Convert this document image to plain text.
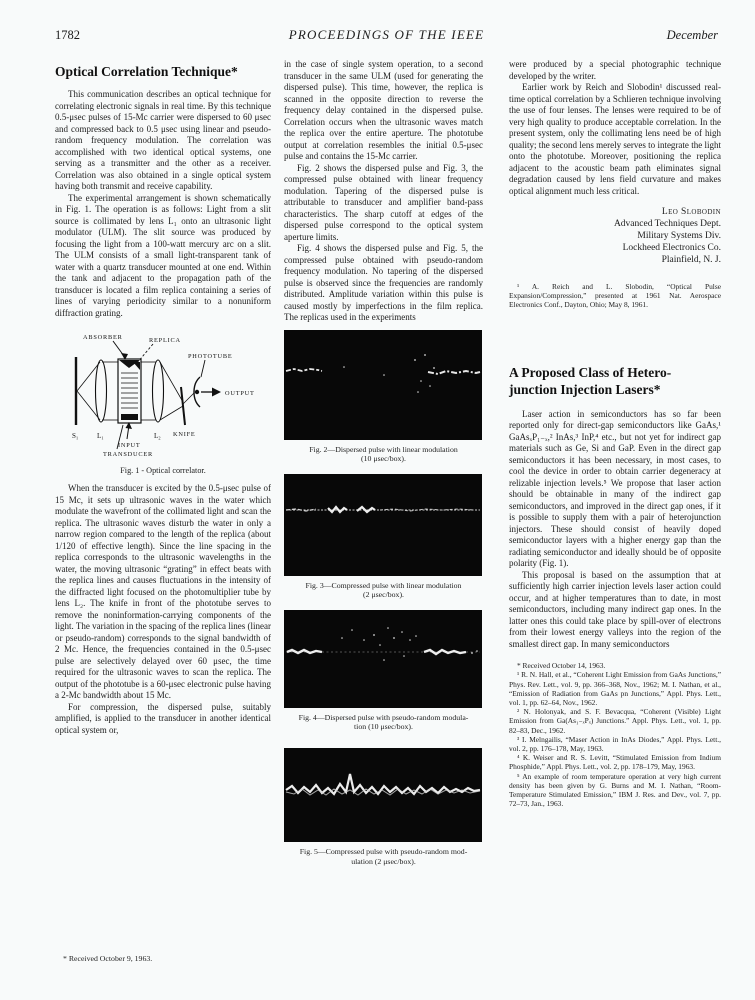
1782	PROCEEDINGS OF THE IEEE	December
Optical Correlation Technique*

This communication describes an optical technique for correlating electronic signals in real time. By this technique 0.5-μsec pulses of 15-Mc carrier were dispersed to 60 μsec and compressed back to 0.5 μsec using linear and pseudo-random frequency modulation. The correlation was accomplished with two identical optical systems, one serving as a transmitter and the other as a receiver. Correlation was also obtained in a single optical system having both transmit and receive capability.

The experimental arrangement is shown schematically in Fig. 1. The operation is as follows: Light from a slit source is collimated by lens L₁ onto an ultrasonic light modulator (ULM). The slit source was produced by focusing the light from a 100-watt mercury arc on a slit. The ULM consists of a small light-transparent tank of water with a quartz transducer mounted at one end. Within the tank and adjacent to the propagation path of the transducer is located a film replica containing a series of lines of varying periodicity similar to a nonuniform diffraction grating.

ABSORBER	REPLICA
PHOTOTUBE
OUTPUT
S₁	L₁	L₂ KNIFE
INPUT
TRANSDUCER
Fig. 1 - Optical correlator.

When the transducer is excited by the 0.5-μsec pulse of 15 Mc, it sets up ultrasonic waves in the water which modulate the wavefront of the collimated light and scan the replica. The ultrasonic waves disturb the water in only a narrow region compared to the length of the replica (about 1/120 of effective length). Since the line spacing in the replica corresponds to the ultrasonic wavelengths in the water, the moving ultrasonic “grating” in effect beats with the replica lines and causes fluctuations in the intensity of the diffracted light focused on the photomultiplier tube by lens L₂. The knife in front of the phototube serves to remove the noninformation-carrying components of the light. The variation in the spacing of the replica lines (linear or pseudo-random) corresponds to the signal bandwidth of 2 Mc. Hence, the frequencies contained in the 0.5-μsec pulse are selectively delayed over 60 μsec, the time required for the ultrasonic waves to scan the replica. The output of the phototube is a 60-μsec electronic pulse having a 2-Mc bandwidth about 15 Mc.

For compression, the dispersed pulse, suitably amplified, is applied to the transducer in another identical optical system or,

* Received October 9, 1963.

in the case of single system operation, to a second transducer in the same ULM (used for generating the dispersed pulse). This time, however, the replica is scanned in the opposite direction to reverse the frequency delay contained in the dispersed pulse. Correlation occurs when the ultrasonic waves match the replica over the entire aperture. The phototube output at correlation resembles the initial 0.5-μsec pulse and contains the 15-Mc carrier.

Fig. 2 shows the dispersed pulse and Fig. 3, the compressed pulse obtained with linear frequency modulation. Tapering of the dispersed pulse is attributable to transducer and amplifier band-pass characteristics. The sharp cutoff at edges of the dispersed pulse correspond to the optical system aperture limits.

Fig. 4 shows the dispersed pulse and Fig. 5, the compressed pulse obtained with pseudo-random frequency modulation. No tapering of the dispersed pulse is observed since the frequencies are randomly distributed. Amplitude variation within this pulse is caused mostly by imperfections in the film replica. The replicas used in the experiments

Fig. 2—Dispersed pulse with linear modulation
(10 μsec/box).
Fig. 3—Compressed pulse with linear modulation
(2 μsec/box).
Fig. 4—Dispersed pulse with pseudo-random modula-
tion (10 μsec/box).
Fig. 5—Compressed pulse with pseudo-random mod-
ulation (2 μsec/box).

were produced by a special photographic technique developed by the writer.

Earlier work by Reich and Slobodin¹ discussed real-time optical correlation by a Schlieren technique involving the use of four lenses. The lenses were required to be of very high quality to produce acceptable correlation. In the present system, only the collimating lens need be of high quality; the second lens merely serves to integrate the light onto the phototube. Moreover, positioning the replica adjacent to the acoustic beam path eliminates signal degradation caused by lens field curvature and makes optical alignment much less critical.

Leo Slobodin
Advanced Techniques Dept.
Military Systems Div.
Lockheed Electronics Co.
Plainfield, N. J.

¹ A. Reich and L. Slobodin, “Optical Pulse Expansion/Compression,” presented at 1961 Nat. Aerospace Electronics Conf., Dayton, Ohio; May 8, 1961.

A Proposed Class of Hetero-
junction Injection Lasers*

Laser action in semiconductors has so far been reported only for direct-gap semiconductors like GaAs,¹ GaAsₓP₁₋ₓ,² InAs,³ InP,⁴ etc., but not yet for indirect gap materials such as Ge, Si and GaP. Even in the direct gap semiconductors it has been necessary, in most cases, to cool the device in order to obtain carrier degeneracy at relizable injection levels.⁵ We propose that laser action should be obtainable in many of the indirect gap semiconductors, and improved in the direct gap ones, if it is possible to supply them with a pair of heterojunction injectors. These should consist of heavily doped semiconductor layers with a higher energy gap than the radiating semiconductor and ideally should be of opposite polarity (Fig. 1).

This proposal is based on the assumption that at sufficiently high carrier injection levels laser action could occur, and at higher temperatures than to date, in most semiconductors, including many indirect gap ones. In the latter ones this could take place by spill-over of electrons from their lowest energy valleys into the region of the smallest direct gap. In many semiconductors

* Received October 14, 1963.

¹ R. N. Hall, et al., “Coherent Light Emission from GaAs Junctions,” Phys. Rev. Lett., vol. 9, pp. 366–368, Nov., 1962; M. I. Nathan, et al., “Emission of Radiation from GaAs pn Junctions,” Appl. Phys. Lett., vol. 1, pp. 62–64, Nov., 1962.

² N. Holonyak, and S. F. Bevacqua, “Coherent (Visible) Light Emission from Ga(As₁₋ₓPₓ) Junctions.” Appl. Phys. Lett., vol. 1, pp. 82–83, Dec., 1962.

³ I. Melngailis, “Maser Action in InAs Diodes,” Appl. Phys. Lett., vol. 2, pp. 176–178, May, 1963.

⁴ K. Weiser and R. S. Levitt, “Stimulated Emission from Indium Phosphide,” Appl. Phys. Lett., vol. 2, pp. 178–179, May, 1963.

⁵ An example of room temperature operation at very high current density has been given by G. Burns and M. I. Nathan, “Room-Temperature Stimulated Emission,” IBM J. Res. and Dev., vol. 7, pp. 72–73, Jan., 1963.
